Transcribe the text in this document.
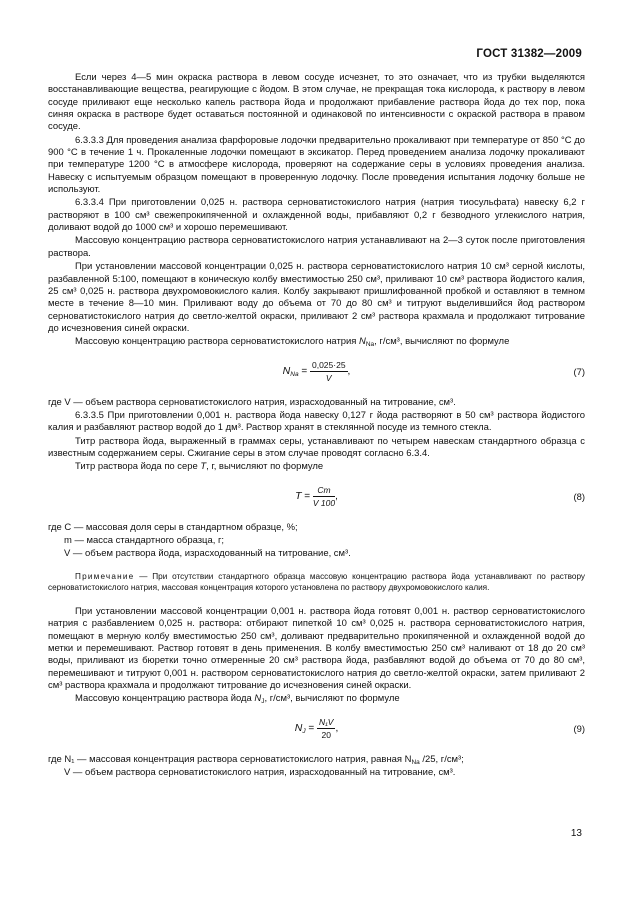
ГОСТ 31382—2009

Если через 4—5 мин окраска раствора в левом сосуде исчезнет, то это означает, что из трубки выделяются восстанавливающие вещества, реагирующие с йодом. В этом случае, не прекращая тока кислорода, к раствору в левом сосуде приливают еще несколько капель раствора йода и продолжают прибавление раствора йода до тех пор, пока синяя окраска в растворе будет оставаться постоянной и одинаковой по интенсивности с окраской раствора в правом сосуде.

6.3.3.3 Для проведения анализа фарфоровые лодочки предварительно прокаливают при температуре от 850 °С до 900 °С в течение 1 ч. Прокаленные лодочки помещают в эксикатор. Перед проведением анализа лодочку прокаливают при температуре 1200 °С в атмосфере кислорода, проверяют на содержание серы в условиях проведения анализа. Навеску с испытуемым образцом помещают в проверенную лодочку. После проведения испытания лодочку больше не используют.

6.3.3.4 При приготовлении 0,025 н. раствора серноватистокислого натрия (натрия тиосульфата) навеску 6,2 г растворяют в 100 см³ свежепрокипяченной и охлажденной воды, прибавляют 0,2 г безводного углекислого натрия, доливают водой до 1000 см³ и хорошо перемешивают.

Массовую концентрацию раствора серноватистокислого натрия устанавливают на 2—3 суток после приготовления раствора.

При установлении массовой концентрации 0,025 н. раствора серноватистокислого натрия 10 см³ серной кислоты, разбавленной 5:100, помещают в коническую колбу вместимостью 250 см³, приливают 10 см³ раствора йодистого калия, 25 см³ 0,025 н. раствора двухромовокислого калия. Колбу закрывают пришлифованной пробкой и оставляют в темном месте в течение 8—10 мин. Приливают воду до объема от 70 до 80 см³ и титруют выделившийся йод раствором серноватистокислого натрия до светло-желтой окраски, приливают 2 см³ раствора крахмала и продолжают титрование до исчезновения синей окраски.

Массовую концентрацию раствора серноватистокислого натрия $N_{Na}$, г/см³, вычисляют по формуле

$N_{Na} = \frac{0,025\cdot 25}{V}$ ,	(7)

где V — объем раствора серноватистокислого натрия, израсходованный на титрование, см³.

6.3.3.5 При приготовлении 0,001 н. раствора йода навеску 0,127 г йода растворяют в 50 см³ раствора йодистого калия и разбавляют раствор водой до 1 дм³. Раствор хранят в стеклянной посуде из темного стекла.

Титр раствора йода, выраженный в граммах серы, устанавливают по четырем навескам стандартного образца с известным содержанием серы. Сжигание серы в этом случае проводят согласно 6.3.4.

Титр раствора йода по сере T, г, вычисляют по формуле

$T = \frac{Cm}{V 100}$ ,	(8)

где C — массовая доля серы в стандартном образце, %;

m — масса стандартного образца, г;

V — объем раствора йода, израсходованный на титрование, см³.

Примечание — При отсутствии стандартного образца массовую концентрацию раствора йода устанавливают по раствору серноватистокислого натрия, массовая концентрация которого установлена по раствору двухромовокислого калия.

При установлении массовой концентрации 0,001 н. раствора йода готовят 0,001 н. раствор серноватистокислого натрия с разбавлением 0,025 н. раствора: отбирают пипеткой 10 см³ 0,025 н. раствора серноватистокислого натрия, помещают в мерную колбу вместимостью 250 см³, доливают предварительно прокипяченной и охлажденной водой до метки и перемешивают. Раствор готовят в день применения. В колбу вместимостью 250 см³ наливают от 18 до 20 см³ воды, приливают из бюретки точно отмеренные 20 см³ раствора йода, разбавляют водой до объема от 70 до 80 см³, перемешивают и титруют 0,001 н. раствором серноватистокислого натрия до светло-желтой окраски, затем приливают 2 см³ раствора крахмала и продолжают титрование до исчезновения синей окраски.

Массовую концентрацию раствора йода $N_J$, г/см³, вычисляют по формуле

$N_J = \frac{\text{N₁V}}{20}$ ,	(9)

где N₁ — массовая концентрация раствора серноватистокислого натрия, равная $N_{Na}$ /25, г/см³;

V — объем раствора серноватистокислого натрия, израсходованный на титрование, см³.

13
